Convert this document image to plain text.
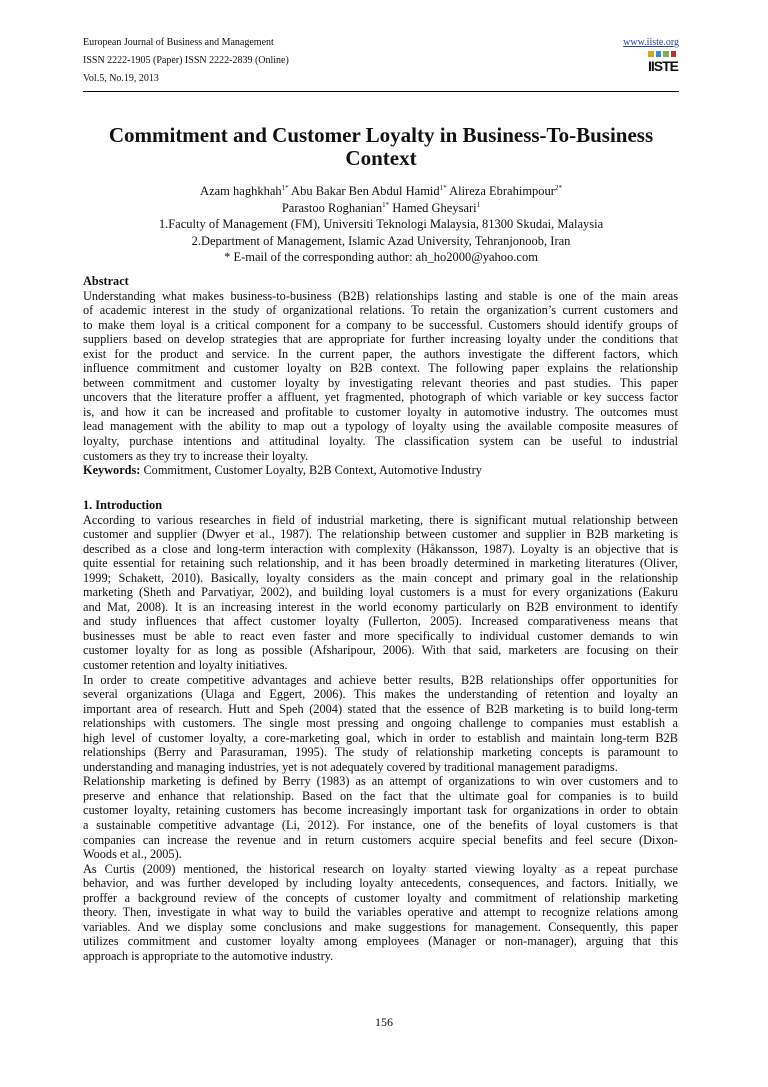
European Journal of Business and Management
ISSN 2222-1905 (Paper) ISSN 2222-2839 (Online)
Vol.5, No.19, 2013
www.iiste.org
IISTE
Commitment and Customer Loyalty in Business-To-Business
Context
Azam haghkhah$^{1*}$ Abu Bakar Ben Abdul Hamid$^{1*}$ Alireza Ebrahimpour$^{2*}$
Parastoo Roghanian$^{1*}$ Hamed Gheysari$^1$
1.Faculty of Management (FM), Universiti Teknologi Malaysia, 81300 Skudai, Malaysia
2.Department of Management, Islamic Azad University, Tehranjonoob, Iran
* E-mail of the corresponding author: ah_ho2000@yahoo.com
Abstract
Understanding what makes business-to-business (B2B) relationships lasting and stable is one of the main areas
of academic interest in the study of organizational relations. To retain the organization’s current customers and
to make them loyal is a critical component for a company to be successful. Customers should identify groups of
suppliers based on develop strategies that are appropriate for further increasing loyalty under the conditions that
exist for the product and service. In the current paper, the authors investigate the different factors, which
influence commitment and customer loyalty on B2B context. The following paper explains the relationship
between commitment and customer loyalty by investigating relevant theories and past studies. This paper
uncovers that the literature proffer a affluent, yet fragmented, photograph of which variable or key success factor
is, and how it can be increased and profitable to customer loyalty in automotive industry. The outcomes must
lead management with the ability to map out a typology of loyalty using the available composite measures of
loyalty, purchase intentions and attitudinal loyalty. The classification system can be useful to industrial
customers as they try to increase their loyalty.
Keywords: Commitment, Customer Loyalty, B2B Context, Automotive Industry
1. Introduction
According to various researches in field of industrial marketing, there is significant mutual relationship between
customer and supplier (Dwyer et al., 1987). The relationship between customer and supplier in B2B marketing is
described as a close and long-term interaction with complexity (Håkansson, 1987). Loyalty is an objective that is
quite essential for retaining such relationship, and it has been broadly determined in marketing literatures (Oliver,
1999; Schakett, 2010). Basically, loyalty considers as the main concept and primary goal in the relationship
marketing (Sheth and Parvatiyar, 2002), and building loyal customers is a must for every organizations (Eakuru
and Mat, 2008). It is an increasing interest in the world economy particularly on B2B environment to identify
and study influences that affect customer loyalty (Fullerton, 2005). Increased comparativeness means that
businesses must be able to react even faster and more specifically to individual customer demands to win
customer loyalty for as long as possible (Afsharipour, 2006). With that said, marketers are focusing on their
customer retention and loyalty initiatives.
In order to create competitive advantages and achieve better results, B2B relationships offer opportunities for
several organizations (Ulaga and Eggert, 2006). This makes the understanding of retention and loyalty an
important area of research. Hutt and Speh (2004) stated that the essence of B2B marketing is to build long-term
relationships with customers. The single most pressing and ongoing challenge to companies must establish a
high level of customer loyalty, a core-marketing goal, which in order to establish and maintain long-term B2B
relationships (Berry and Parasuraman, 1995). The study of relationship marketing concepts is paramount to
understanding and managing industries, yet is not adequately covered by traditional management paradigms.
Relationship marketing is defined by Berry (1983) as an attempt of organizations to win over customers and to
preserve and enhance that relationship. Based on the fact that the ultimate goal for companies is to build
customer loyalty, retaining customers has become increasingly important task for organizations in order to obtain
a sustainable competitive advantage (Li, 2012). For instance, one of the benefits of loyal customers is that
companies can increase the revenue and in return customers acquire special benefits and feel secure (Dixon-
Woods et al., 2005).
As Curtis (2009) mentioned, the historical research on loyalty started viewing loyalty as a repeat purchase
behavior, and was further developed by including loyalty antecedents, consequences, and factors. Initially, we
proffer a background review of the concepts of customer loyalty and commitment of relationship marketing
theory. Then, investigate in what way to build the variables operative and attempt to recognize relations among
variables. And we display some conclusions and make suggestions for management. Consequently, this paper
utilizes commitment and customer loyalty among employees (Manager or non-manager), arguing that this
approach is appropriate to the automotive industry.
156
